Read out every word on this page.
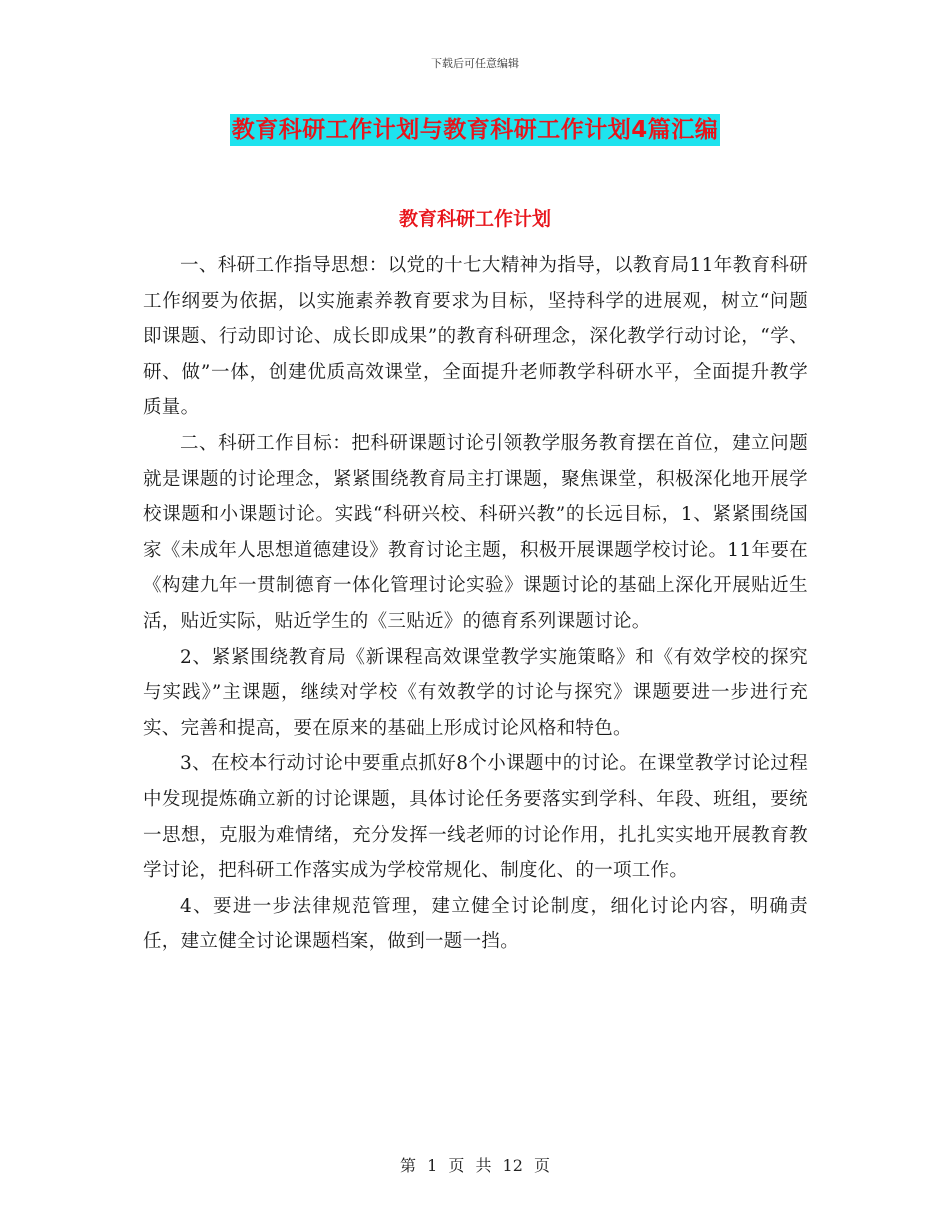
下载后可任意编辑
教育科研工作计划与教育科研工作计划4篇汇编
教育科研工作计划

一、科研工作指导思想：以党的十七大精神为指导，以教育局11年教育科研工作纲要为依据，以实施素养教育要求为目标，坚持科学的进展观，树立“问题即课题、行动即讨论、成长即成果”的教育科研理念，深化教学行动讨论，“学、研、做”一体，创建优质高效课堂，全面提升老师教学科研水平，全面提升教学质量。

二、科研工作目标：把科研课题讨论引领教学服务教育摆在首位，建立问题就是课题的讨论理念，紧紧围绕教育局主打课题，聚焦课堂，积极深化地开展学校课题和小课题讨论。实践“科研兴校、科研兴教”的长远目标，1、紧紧围绕国家《未成年人思想道德建设》教育讨论主题，积极开展课题学校讨论。11年要在《构建九年一贯制德育一体化管理讨论实验》课题讨论的基础上深化开展贴近生活，贴近实际，贴近学生的《三贴近》的德育系列课题讨论。

2、紧紧围绕教育局《新课程高效课堂教学实施策略》和《有效学校的探究与实践》”主课题，继续对学校《有效教学的讨论与探究》课题要进一步进行充实、完善和提高，要在原来的基础上形成讨论风格和特色。

3、在校本行动讨论中要重点抓好8个小课题中的讨论。在课堂教学讨论过程中发现提炼确立新的讨论课题，具体讨论任务要落实到学科、年段、班组，要统一思想，克服为难情绪，充分发挥一线老师的讨论作用，扎扎实实地开展教育教学讨论，把科研工作落实成为学校常规化、制度化、的一项工作。

4、要进一步法律规范管理，建立健全讨论制度，细化讨论内容，明确责任，建立健全讨论课题档案，做到一题一挡。

第 1 页 共 12 页
